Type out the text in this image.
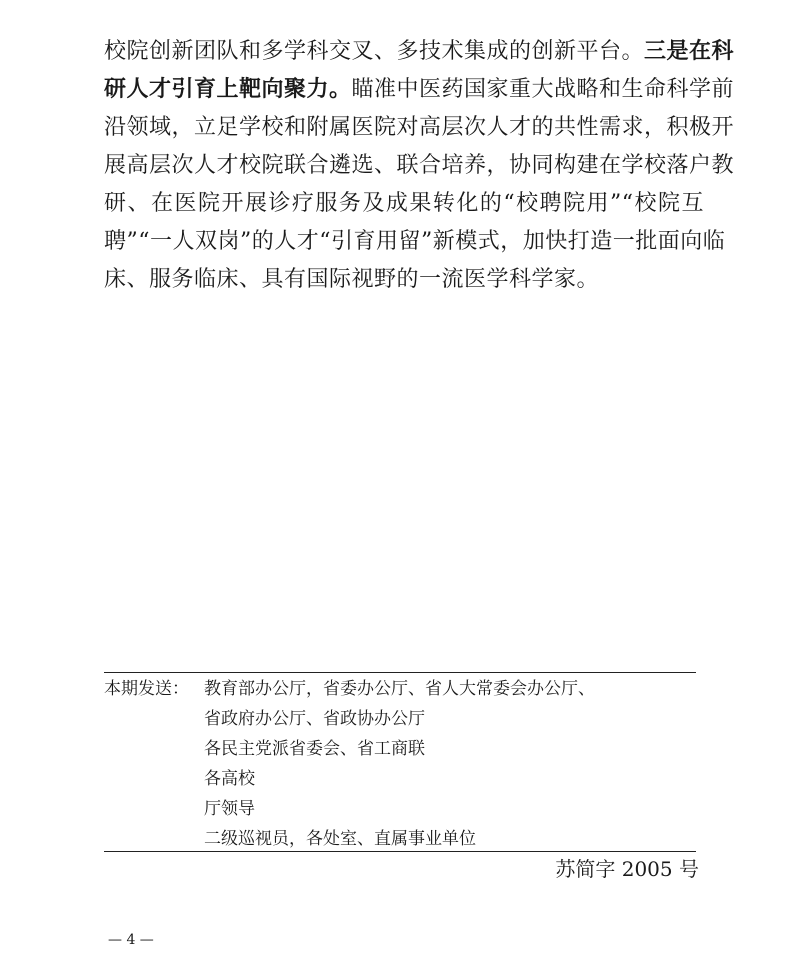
校院创新团队和多学科交叉、多技术集成的创新平台。三是在科
研人才引育上靶向聚力。瞄准中医药国家重大战略和生命科学前
沿领域，立足学校和附属医院对高层次人才的共性需求，积极开
展高层次人才校院联合遴选、联合培养，协同构建在学校落户教
研、在医院开展诊疗服务及成果转化的“校聘院用”“校院互
聘”“一人双岗”的人才“引育用留”新模式，加快打造一批面向临
床、服务临床、具有国际视野的一流医学科学家。
本期发送： 教育部办公厅，省委办公厅、省人大常委会办公厅、
省政府办公厅、省政协办公厅
各民主党派省委会、省工商联
各高校
厅领导
二级巡视员，各处室、直属事业单位
苏简字 2005 号
— 4 —
